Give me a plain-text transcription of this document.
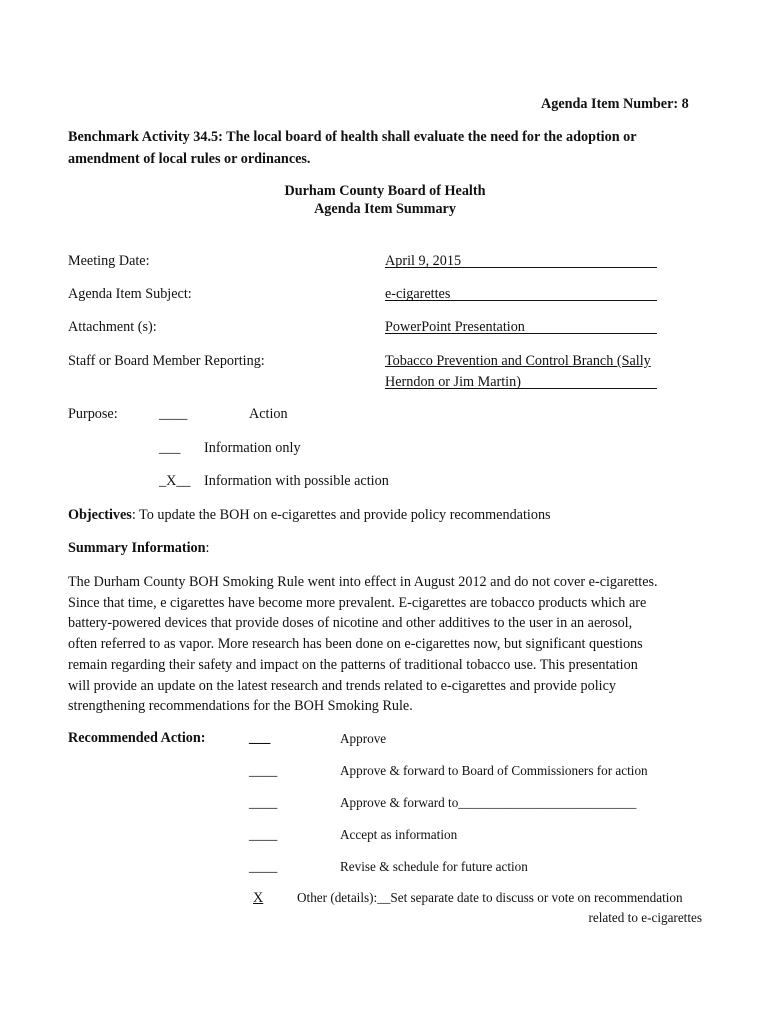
Agenda Item Number: 8
Benchmark Activity 34.5: The local board of health shall evaluate the need for the adoption or
amendment of local rules or ordinances.
Durham County Board of Health
Agenda Item Summary
Meeting Date:	April 9, 2015
Agenda Item Subject:	e-cigarettes
Attachment (s):	PowerPoint Presentation
Staff or Board Member Reporting:	Tobacco Prevention and Control Branch (Sally
Herndon or Jim Martin)
Purpose:	____	Action
___ Information only
_X__ Information with possible action
Objectives: To update the BOH on e-cigarettes and provide policy recommendations
Summary Information:
The Durham County BOH Smoking Rule went into effect in August 2012 and do not cover e-cigarettes.
Since that time, e cigarettes have become more prevalent. E-cigarettes are tobacco products which are
battery-powered devices that provide doses of nicotine and other additives to the user in an aerosol,
often referred to as vapor. More research has been done on e-cigarettes now, but significant questions
remain regarding their safety and impact on the patterns of traditional tobacco use. This presentation
will provide an update on the latest research and trends related to e-cigarettes and provide policy
strengthening recommendations for the BOH Smoking Rule.
Recommended Action:	___	Approve
____	Approve & forward to Board of Commissioners for action
____	Approve & forward to___________________________
____	Accept as information
____	Revise & schedule for future action
X	Other (details):__Set separate date to discuss or vote on recommendation
related to e-cigarettes
